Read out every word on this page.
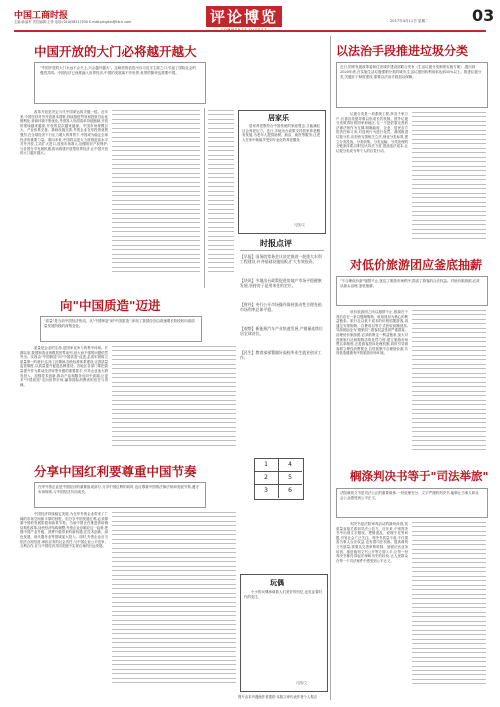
中国工商时报
主编:孙晶军 责任编辑:王菲 电话:(010)58517930 E-mail:pinglun@cb-h.com	评论博览	2017年4月11日 星期二	03
中国开放的大门必将越开越大
"中国开放的大门永远不会关上,只会越开越大"。这响亮的话语出自习近平主席之口,引起了国际社会的强烈共鸣。中国经济已深度融入世界经济,中国的发展离不开世界,世界的繁荣也需要中国。

　　改革开放是决定当代中国命运的关键一招。近年来,中国坚持对外开放基本国策,持续推进贸易和投资自由化便利化,营商环境不断优化,外资准入负面清单持续缩减,开放的领域越来越宽,开放的层次越来越深。中国市场规模巨大、产业体系完备、基础设施完善,外资企业在华投资意愿强烈,在全球经济下行压力增大的背景下,中国成为稳定全球经济的重要力量。面向未来,中国将以更大力度推进高水平对外开放,主动扩大进口,放宽市场准入,加强知识产权保护,与各国分享发展机遇,推动构建开放型世界经济,让中国开放的大门越开越大。

居家乐

居家养老既符合中国传统的家庭观念,又能减轻社会养老压力。近日,多地出台政策支持居家养老服务发展,为老年人提供助餐、助洁、助医等服务,让老人在家中就能享受到专业化的养老服务。

凡图/文
时报点评
【早报】国务院常务会议决定推进一批重大水利工程建设,补齐基础设施短板,扩大有效投资。
【快讯】多地出台政策促进房地产市场平稳健康发展,坚持房子是用来住的定位。
【财经】央行公开市场操作保持流动性合理充裕,市场利率总体平稳。
【观察】新能源汽车产业快速发展,产销量连续位居全球首位。
【民生】教育部部署做好高校毕业生就业创业工作。
1	4
2	5
3	6
向"中国质造"迈进
"质量"是当前中国经济热词。从"中国制造"到"中国质造",体现了我国经济由高速增长阶段转向高质量发展阶段的深刻变化。

　　质量是企业的生命,是国家竞争力的集中体现。长期以来,我国制造业规模居世界前列,但大而不强的问题依然突出。实现由"中国制造"向"中国质造"迈进,必须牢固树立质量第一的意识,弘扬工匠精神,加快标准体系建设,完善质量监管制度,以质量提升促进品牌建设。各地区各部门要把质量提升作为推动经济转型升级的重要抓手,引导企业加大研发投入、加强技术创新,推动产品和服务迈向中高端,让更多"中国质造"走向世界市场,赢得国际消费者的信任与青睐。

分享中国红利要尊重中国节奏
在华外资企业是中国经济的重要组成部分,分享中国红利的同时,也应尊重中国的法律法规和发展节奏,遵守市场规则,与中国经济共同成长。

　　中国经济持续稳定发展,为在华外资企业带来了广阔的市场空间和丰厚的回报。但分享中国发展红利,必须尊重中国的发展阶段和改革节奏。当前中国正在推进供给侧结构性改革,加快经济结构调整,外资企业应顺应这一趋势,把握中国产业升级、消费升级带来的新机遇,在技术创新、绿色发展、现代服务业等领域加大投入。同时,外资企业应当依法合规经营,承担应有的社会责任,与中国企业公平竞争、互利合作,在与中国经济共同发展中实现自身的长远发展。

玩偶

小小的玩偶承载着人们美好的回忆,也见证着时代的变迁。

凡图/文
图片由本刊漫画作者提供·本版文章代表作者个人观点
以法治手段推进垃圾分类
近日,国家发展改革委和住房城乡建设部联合发布《生活垃圾分类制度实施方案》,提出到2020年底,在实施生活垃圾强制分类的城市,生活垃圾回收利用率达到35%以上。推进垃圾分类,关键在于制度建设,需要以法治手段加以保障。

　　垃圾分类是一项系统工程,涉及千家万户,仅靠宣传倡导难以形成长效机制。国外垃圾分类做得好的国家和地区,无一不是依靠完善的法律法规作为支撑,明确政府、企业、居民各方的责任和义务,对违规行为进行处罚。我国推进垃圾分类,应加快完善相关立法,细化分类标准,建立分类投放、分类收集、分类运输、分类处理的全链条体系,同时加大执法力度,提高违法成本,让垃圾分类成为每个人的自觉行动。

对低价旅游团应釜底抽薪
"不合理低价游"屡禁不止,扰乱了旅游市场秩序,损害了游客的合法权益。对低价旅游团,必须从源头治理,釜底抽薪。

　　低价旅游团之所以屡禁不止,根源在于背后存在一条以强制购物、收取回扣为核心的利益链条。旅行社以低于成本的价格招揽游客,再通过安排购物、自费项目等方式获取高额回扣,导游被迫沦为"推销员",游客权益受到严重损害。治理低价旅游团,必须斩断这一利益链条,加大对违规旅行社和购物店的处罚力度,建立旅游市场黑名单制度,完善游客投诉处理机制,同时引导游客树立理性消费观念,自觉抵制不合理低价游,共同营造健康有序的旅游市场环境。

榈涤判决书等于"司法举旅"
法院裁判文书是司法公正的重要载体,一份说理充分、文字严谨的判决书,能够让当事人和社会公众感受到公平正义。

　　判决书是法院审判活动的最终体现,其质量直接关系到司法公信力。近年来,个别判决书中出现文字错误、逻辑混乱、说理不足等问题,引发社会广泛关注。判决书质量不高,不仅损害当事人合法权益,也有损司法权威。提高裁判文书质量,需要从完善审核机制、加强法官业务培训、推进裁判文书公开等方面入手,让每一份判决书都经得起法律和历史的检验,让人民群众在每一个司法案件中感受到公平正义。
